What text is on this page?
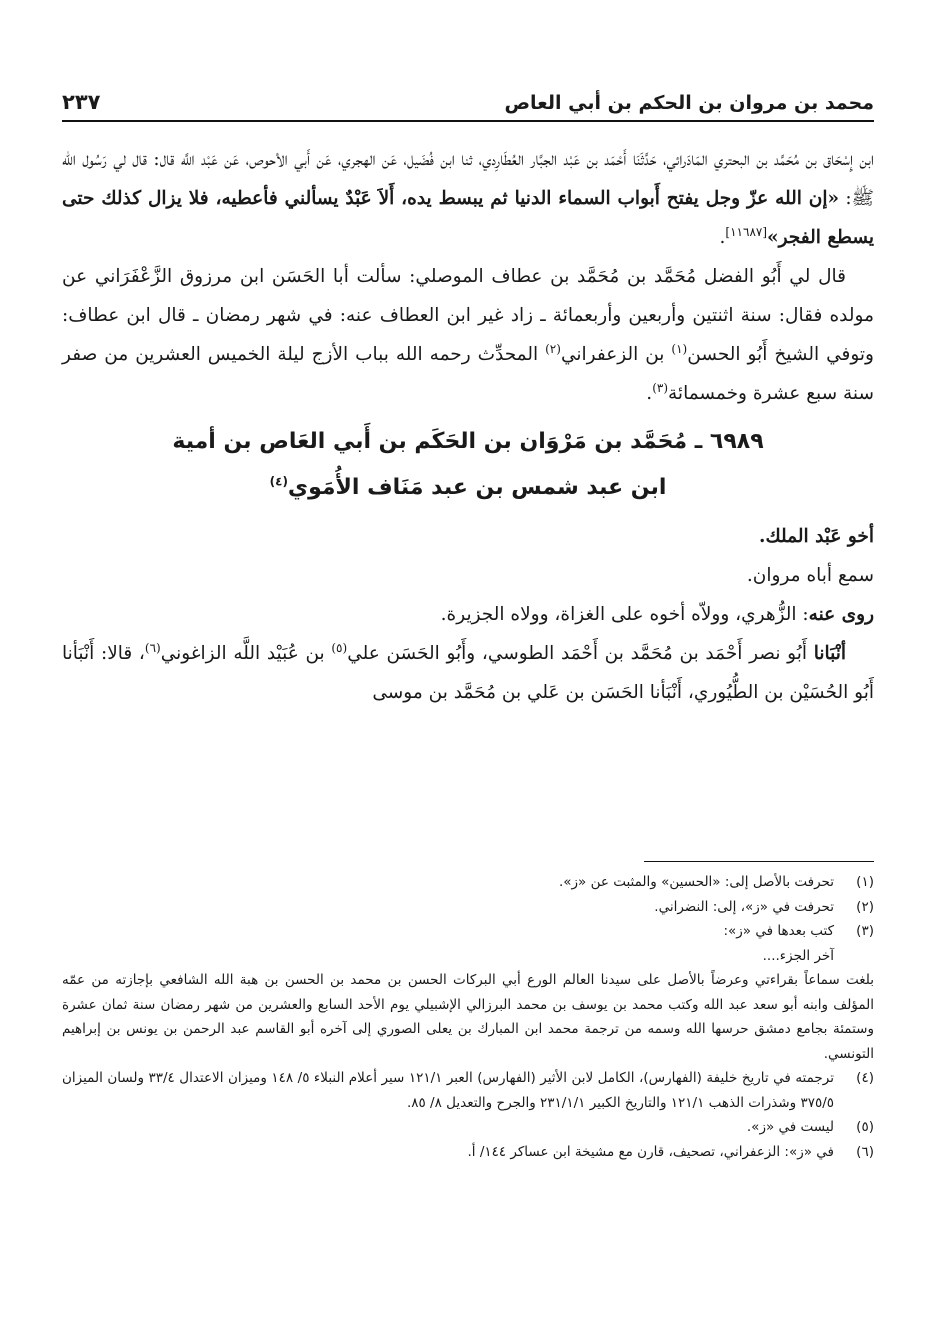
محمد بن مروان بن الحكم بن أبي العاص
٢٣٧

ابن إِسْحَاق بن مُحَمَّد بن البحتري المَادَرائي، حَدَّثَنَا أَحْمَد بن عَبْد الجبَّار العُطَارِدي، ثنا ابن فُضَيل، عَن الهجري، عَن أَبي الأحوص، عَن عَبْد اللَّه قال: قال لي رَسُول الله ﷺ: «إن الله عزّ وجل يفتح أَبواب السماء الدنيا ثم يبسط يده، أَلاَ عَبْدٌ يسألني فأعطيه، فلا يزال كذلك حتى يسطع الفجر»[١١٦٨٧].

قال لي أَبُو الفضل مُحَمَّد بن مُحَمَّد بن عطاف الموصلي: سألت أبا الحَسَن ابن مرزوق الزَّعْفَرَاني عن مولده فقال: سنة اثنتين وأربعين وأربعمائة ـ زاد غير ابن العطاف عنه: في شهر رمضان ـ قال ابن عطاف: وتوفي الشيخ أَبُو الحسن$^{(١)}$ بن الزعفراني$^{(٢)}$ المحدِّث رحمه الله بباب الأزج ليلة الخميس العشرين من صفر سنة سبع عشرة وخمسمائة$^{(٣)}$.

٦٩٨٩ ـ مُحَمَّد بن مَرْوَان بن الحَكَم بن أَبي العَاص بن أمية
ابن عبد شمس بن عبد مَنَاف الأُمَوي$^{(٤)}$

أخو عَبْد الملك.

سمع أباه مروان.

روى عنه: الزُّهري، وولاّه أخوه على الغزاة، وولاه الجزيرة.

أنْبَانا أَبُو نصر أَحْمَد بن مُحَمَّد بن أَحْمَد الطوسي، وأَبُو الحَسَن علي$^{(٥)}$ بن عُبَيْد اللَّه الزاغوني$^{(٦)}$، قالا: أَنْبَأنا أَبُو الحُسَيْن بن الطُّيُوري، أَنْبَأنا الحَسَن بن عَلي بن مُحَمَّد بن موسى

(١)
تحرفت بالأصل إلى: «الحسين» والمثبت عن «ز».
(٢)
تحرفت في «ز»، إلى: النضراني.
(٣)
كتب بعدها في «ز»:
آخر الجزء....
بلغت سماعاً بقراءتي وعرضاً بالأصل على سيدنا العالم الورع أبي البركات الحسن بن محمد بن الحسن بن هبة الله الشافعي بإجازته من عمّه المؤلف وابنه أبو سعد عبد الله وكتب محمد بن يوسف بن محمد البرزالي الإشبيلي يوم الأحد السابع والعشرين من شهر رمضان سنة ثمان عشرة وستمئة بجامع دمشق حرسها الله وسمه من ترجمة محمد ابن المبارك بن يعلى الصوري إلى آخره أبو القاسم عبد الرحمن بن يونس بن إبراهيم التونسي.
(٤)
ترجمته في تاريخ خليفة (الفهارس)، الكامل لابن الأثير (الفهارس) العبر ١٢١/١ سير أعلام النبلاء ٥/ ١٤٨ وميزان الاعتدال ٣٣/٤ ولسان الميزان ٣٧٥/٥ وشذرات الذهب ١٢١/١ والتاريخ الكبير ٢٣١/١/١ والجرح والتعديل ٨/ ٨٥.
(٥)
ليست في «ز».
(٦)
في «ز»: الزعفراني، تصحيف، قارن مع مشيخة ابن عساكر ١٤٤/ أ.
